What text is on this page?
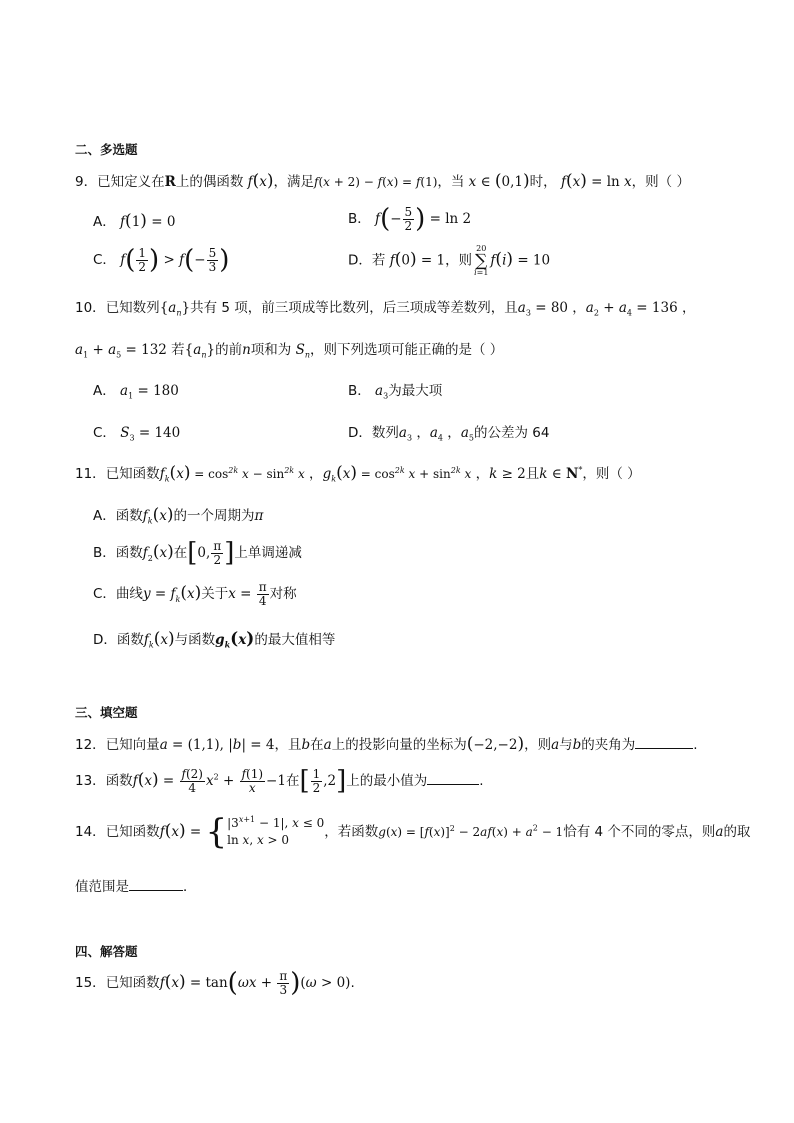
二、多选题
9．已知定义在R上的偶函数 f(x)，满足f(x + 2) − f(x) = f(1)，当 x ∈ (0,1)时， f(x) = ln x，则（ ）
A． f(1) = 0	B． $f(- \frac{5}{2}$ ) = ln 2
C． $f( \frac{1}{2}$ ) > $f(- \frac{5}{3}$ )	D．若 f(0) = 1，则
20
∑
i=1
f(i) = 10
10．已知数列$\{a_n\}$共有 5 项，前三项成等比数列，后三项成等差数列，且$a_3 = 80$ ，$a_2 + a_4 = 136$ ，
$a_1 + a_5 = 132$ 若$\{a_n\}$的前n项和为 $S_n$，则下列选项可能正确的是（ ）
A． $a_1 = 180$	B． $a_3$为最大项
C． $S_3 = 140$	D．数列$a_3$ ，$a_4$ ，$a_5$的公差为 64
11．已知函数$f_k(x) = \cos^{2k} x - \sin^{2k} x$ ，$g_k(x) = \cos^{2k} x + \sin^{2k} x$ ，k ≥ 2且k ∈ N*，则（ ）
A．函数$f_k(x)$的一个周期为π
B．函数$f_2(x)$在[0, $\frac{\pi}{2}$ ]上单调递减
C．曲线$y = f_k(x)$关于$x = \frac{\pi}{4}$ 对称
D．函数$f_k(x)$与函数$g_k(x)$的最大值相等
三、填空题
12．已知向量a = (1,1), |b| = 4，且b在a上的投影向量的坐标为(−2,−2)，则a与b的夹角为	.
13．函数$f(x) = \frac{f(2)}{4} x^2 + \frac{f(1)}{x} -1$在[ $\frac{1}{2} ,2$]上的最小值为	.
14．已知函数f(x) = { $|3^{x+1} - 1|$, x ≤ 0
ln x, x > 0
，若函数$g(x) = [f(x)]^2 - 2af(x) + a^2 - 1$恰有 4 个不同的零点，则a的取
值范围是	．
四、解答题
15．已知函数$f(x) = \tan(\omega x + \frac{\pi}{3} )(\omega > 0)$.
